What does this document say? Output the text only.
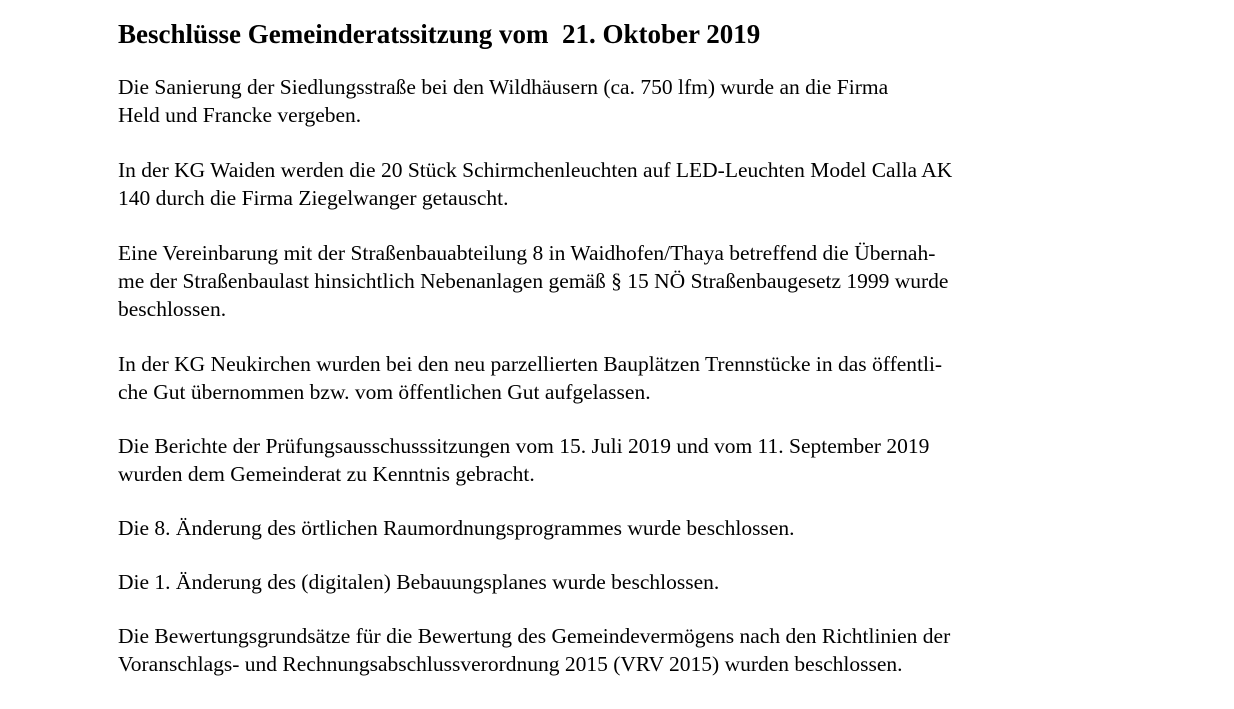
Beschlüsse Gemeinderatssitzung vom  21. Oktober 2019

Die Sanierung der Siedlungsstraße bei den Wildhäusern (ca. 750 lfm) wurde an die Firma
Held und Francke vergeben.

In der KG Waiden werden die 20 Stück Schirmchenleuchten auf LED-Leuchten Model Calla AK
140 durch die Firma Ziegelwanger getauscht.

Eine Vereinbarung mit der Straßenbauabteilung 8 in Waidhofen/Thaya betreffend die Übernah-
me der Straßenbaulast hinsichtlich Nebenanlagen gemäß § 15 NÖ Straßenbaugesetz 1999 wurde
beschlossen.

In der KG Neukirchen wurden bei den neu parzellierten Bauplätzen Trennstücke in das öffentli-
che Gut übernommen bzw. vom öffentlichen Gut aufgelassen.

Die Berichte der Prüfungsausschusssitzungen vom 15. Juli 2019 und vom 11. September 2019
wurden dem Gemeinderat zu Kenntnis gebracht.

Die 8. Änderung des örtlichen Raumordnungsprogrammes wurde beschlossen.

Die 1. Änderung des (digitalen) Bebauungsplanes wurde beschlossen.

Die Bewertungsgrundsätze für die Bewertung des Gemeindevermögens nach den Richtlinien der
Voranschlags- und Rechnungsabschlussverordnung 2015 (VRV 2015) wurden beschlossen.
